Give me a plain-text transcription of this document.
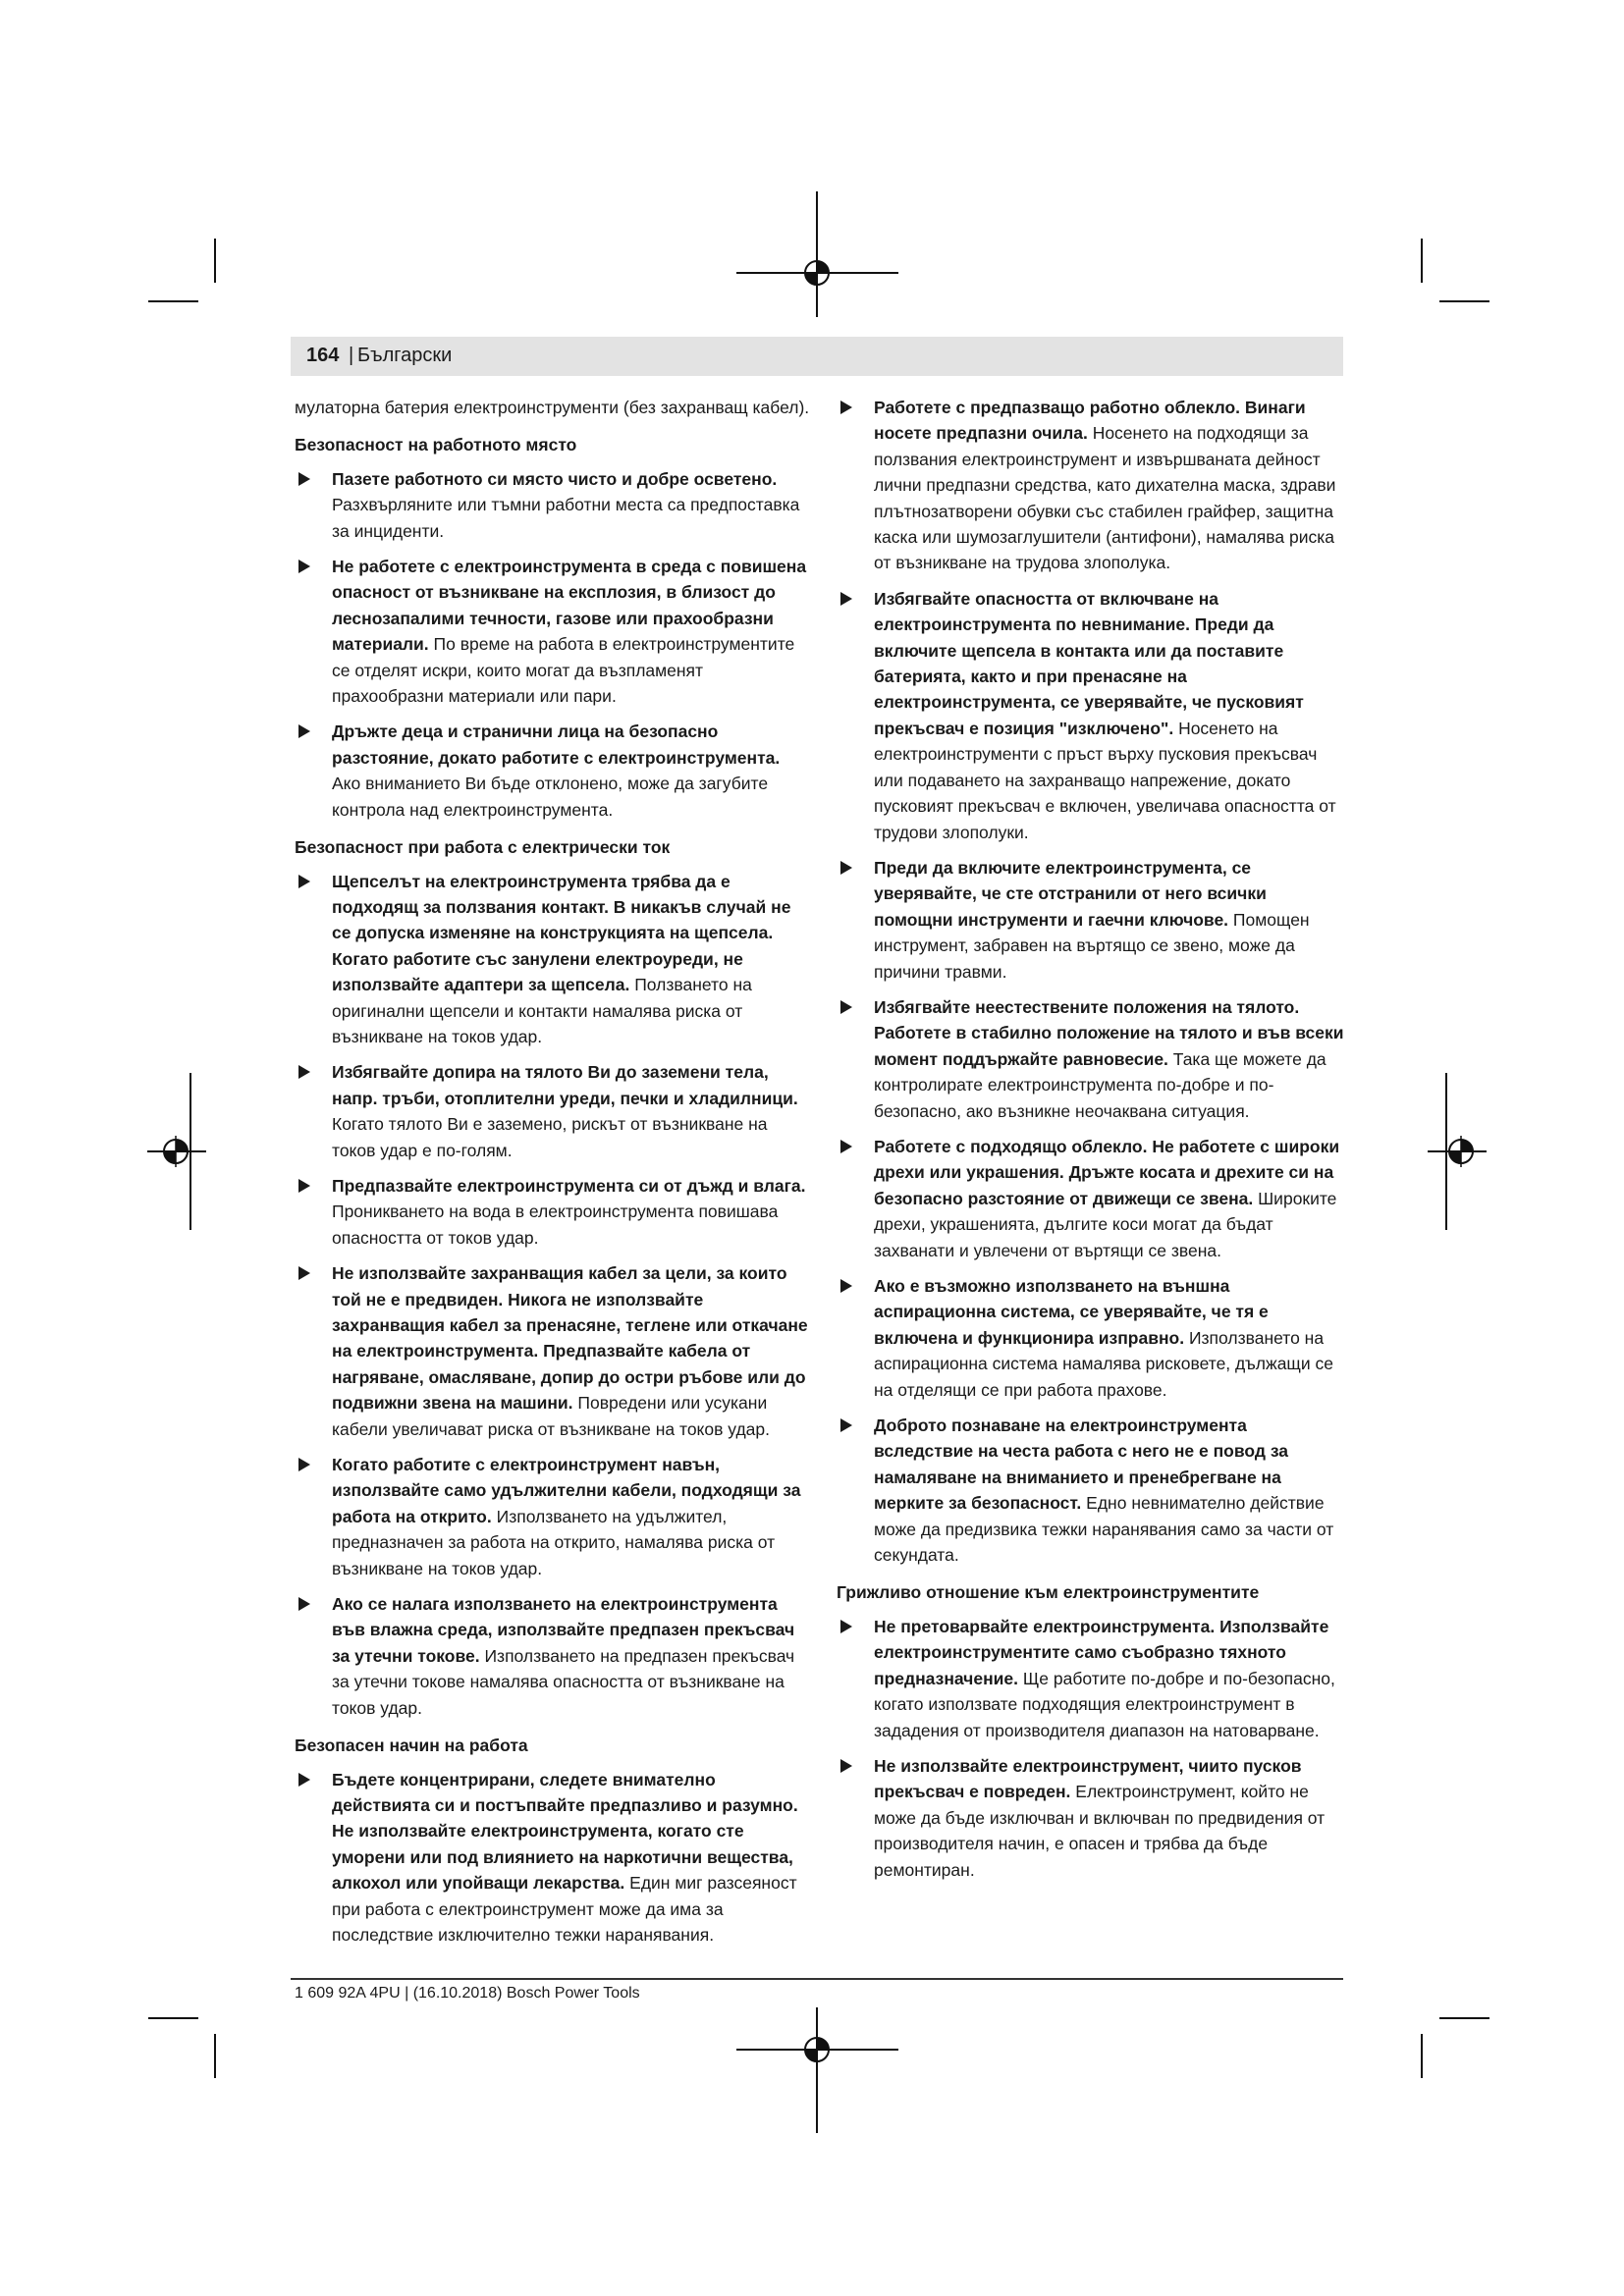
164 | Български
мулаторна батерия електроинструменти (без захранващ кабел).
Безопасност на работното място
Пазете работното си място чисто и добре осветено. Разхвърляните или тъмни работни места са предпоставка за инциденти.
Не работете с електроинструмента в среда с повишена опасност от възникване на експлозия, в близост до леснозапалими течности, газове или прахообразни материали. По време на работа в електроинструментите се отделят искри, които могат да възпламенят прахообразни материали или пари.
Дръжте деца и странични лица на безопасно разстояние, докато работите с електроинструмента. Ако вниманието Ви бъде отклонено, може да загубите контрола над електроинструмента.
Безопасност при работа с електрически ток
Щепселът на електроинструмента трябва да е подходящ за ползвания контакт. В никакъв случай не се допуска изменяне на конструкцията на щепсела. Когато работите със занулени електроуреди, не използвайте адаптери за щепсела. Ползването на оригинални щепсели и контакти намалява риска от възникване на токов удар.
Избягвайте допира на тялото Ви до заземени тела, напр. тръби, отоплителни уреди, печки и хладилници. Когато тялото Ви е заземено, рискът от възникване на токов удар е по-голям.
Предпазвайте електроинструмента си от дъжд и влага. Проникването на вода в електроинструмента повишава опасността от токов удар.
Не използвайте захранващия кабел за цели, за които той не е предвиден. Никога не използвайте захранващия кабел за пренасяне, теглене или откачане на електроинструмента. Предпазвайте кабела от нагряване, омасляване, допир до остри ръбове или до подвижни звена на машини. Повредени или усукани кабели увеличават риска от възникване на токов удар.
Когато работите с електроинструмент навън, използвайте само удължителни кабели, подходящи за работа на открито. Използването на удължител, предназначен за работа на открито, намалява риска от възникване на токов удар.
Ако се налага използването на електроинструмента във влажна среда, използвайте предпазен прекъсвач за утечни токове. Използването на предпазен прекъсвач за утечни токове намалява опасността от възникване на токов удар.
Безопасен начин на работа
Бъдете концентрирани, следете внимателно действията си и постъпвайте предпазливо и разумно. Не използвайте електроинструмента, когато сте уморени или под влиянието на наркотични вещества, алкохол или упойващи лекарства. Един миг разсеяност при работа с електроинструмент може да има за последствие изключително тежки наранявания.
Работете с предпазващо работно облекло. Винаги носете предпазни очила. Носенето на подходящи за ползвания електроинструмент и извършваната дейност лични предпазни средства, като дихателна маска, здрави плътнозатворени обувки със стабилен грайфер, защитна каска или шумозаглушители (антифони), намалява риска от възникване на трудова злополука.
Избягвайте опасността от включване на електроинструмента по невнимание. Преди да включите щепсела в контакта или да поставите батерията, както и при пренасяне на електроинструмента, се уверявайте, че пусковият прекъсвач е позиция "изключено". Носенето на електроинструменти с пръст върху пусковия прекъсвач или подаването на захранващо напрежение, докато пусковият прекъсвач е включен, увеличава опасността от трудови злополуки.
Преди да включите електроинструмента, се уверявайте, че сте отстранили от него всички помощни инструменти и гаечни ключове. Помощен инструмент, забравен на въртящо се звено, може да причини травми.
Избягвайте неестествените положения на тялото. Работете в стабилно положение на тялото и във всеки момент поддържайте равновесие. Така ще можете да контролирате електроинструмента по-добре и по-безопасно, ако възникне неочаквана ситуация.
Работете с подходящо облекло. Не работете с широки дрехи или украшения. Дръжте косата и дрехите си на безопасно разстояние от движещи се звена. Широките дрехи, украшенията, дългите коси могат да бъдат захванати и увлечени от въртящи се звена.
Ако е възможно използването на външна аспирационна система, се уверявайте, че тя е включена и функционира изправно. Използването на аспирационна система намалява рисковете, дължащи се на отделящи се при работа прахове.
Доброто познаване на електроинструмента вследствие на честа работа с него не е повод за намаляване на вниманието и пренебрегване на мерките за безопасност. Едно невнимателно действие може да предизвика тежки наранявания само за части от секундата.
Грижливо отношение към електроинструментите
Не претоварвайте електроинструмента. Използвайте електроинструментите само съобразно тяхното предназначение. Ще работите по-добре и по-безопасно, когато използвате подходящия електроинструмент в зададения от производителя диапазон на натоварване.
Не използвайте електроинструмент, чиито пусков прекъсвач е повреден. Електроинструмент, който не може да бъде изключван и включван по предвидения от производителя начин, е опасен и трябва да бъде ремонтиран.
1 609 92A 4PU | (16.10.2018) Bosch Power Tools
